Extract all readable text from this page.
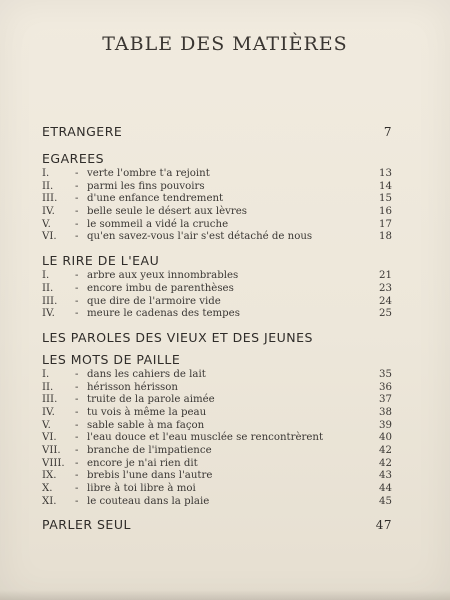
TABLE DES MATIÈRES
ETRANGERE	7
EGAREES
I.	- verte l'ombre t'a rejoint	13
II.	- parmi les fins pouvoirs	14
III.	- d'une enfance tendrement	15
IV.	- belle seule le désert aux lèvres	16
V.	- le sommeil a vidé la cruche	17
VI.	- qu'en savez-vous l'air s'est détaché de nous	18
LE RIRE DE L'EAU
I.	- arbre aux yeux innombrables	21
II.	- encore imbu de parenthèses	23
III.	- que dire de l'armoire vide	24
IV.	- meure le cadenas des tempes	25
LES PAROLES DES VIEUX ET DES JEUNES
LES MOTS DE PAILLE
I.	- dans les cahiers de lait	35
II.	- hérisson hérisson	36
III.	- truite de la parole aimée	37
IV.	- tu vois à même la peau	38
V.	- sable sable à ma façon	39
VI.	- l'eau douce et l'eau musclée se rencontrèrent	40
VII.	- branche de l'impatience	42
VIII.	- encore je n'ai rien dit	42
IX.	- brebis l'une dans l'autre	43
X.	- libre à toi libre à moi	44
XI.	- le couteau dans la plaie	45
PARLER SEUL	47
